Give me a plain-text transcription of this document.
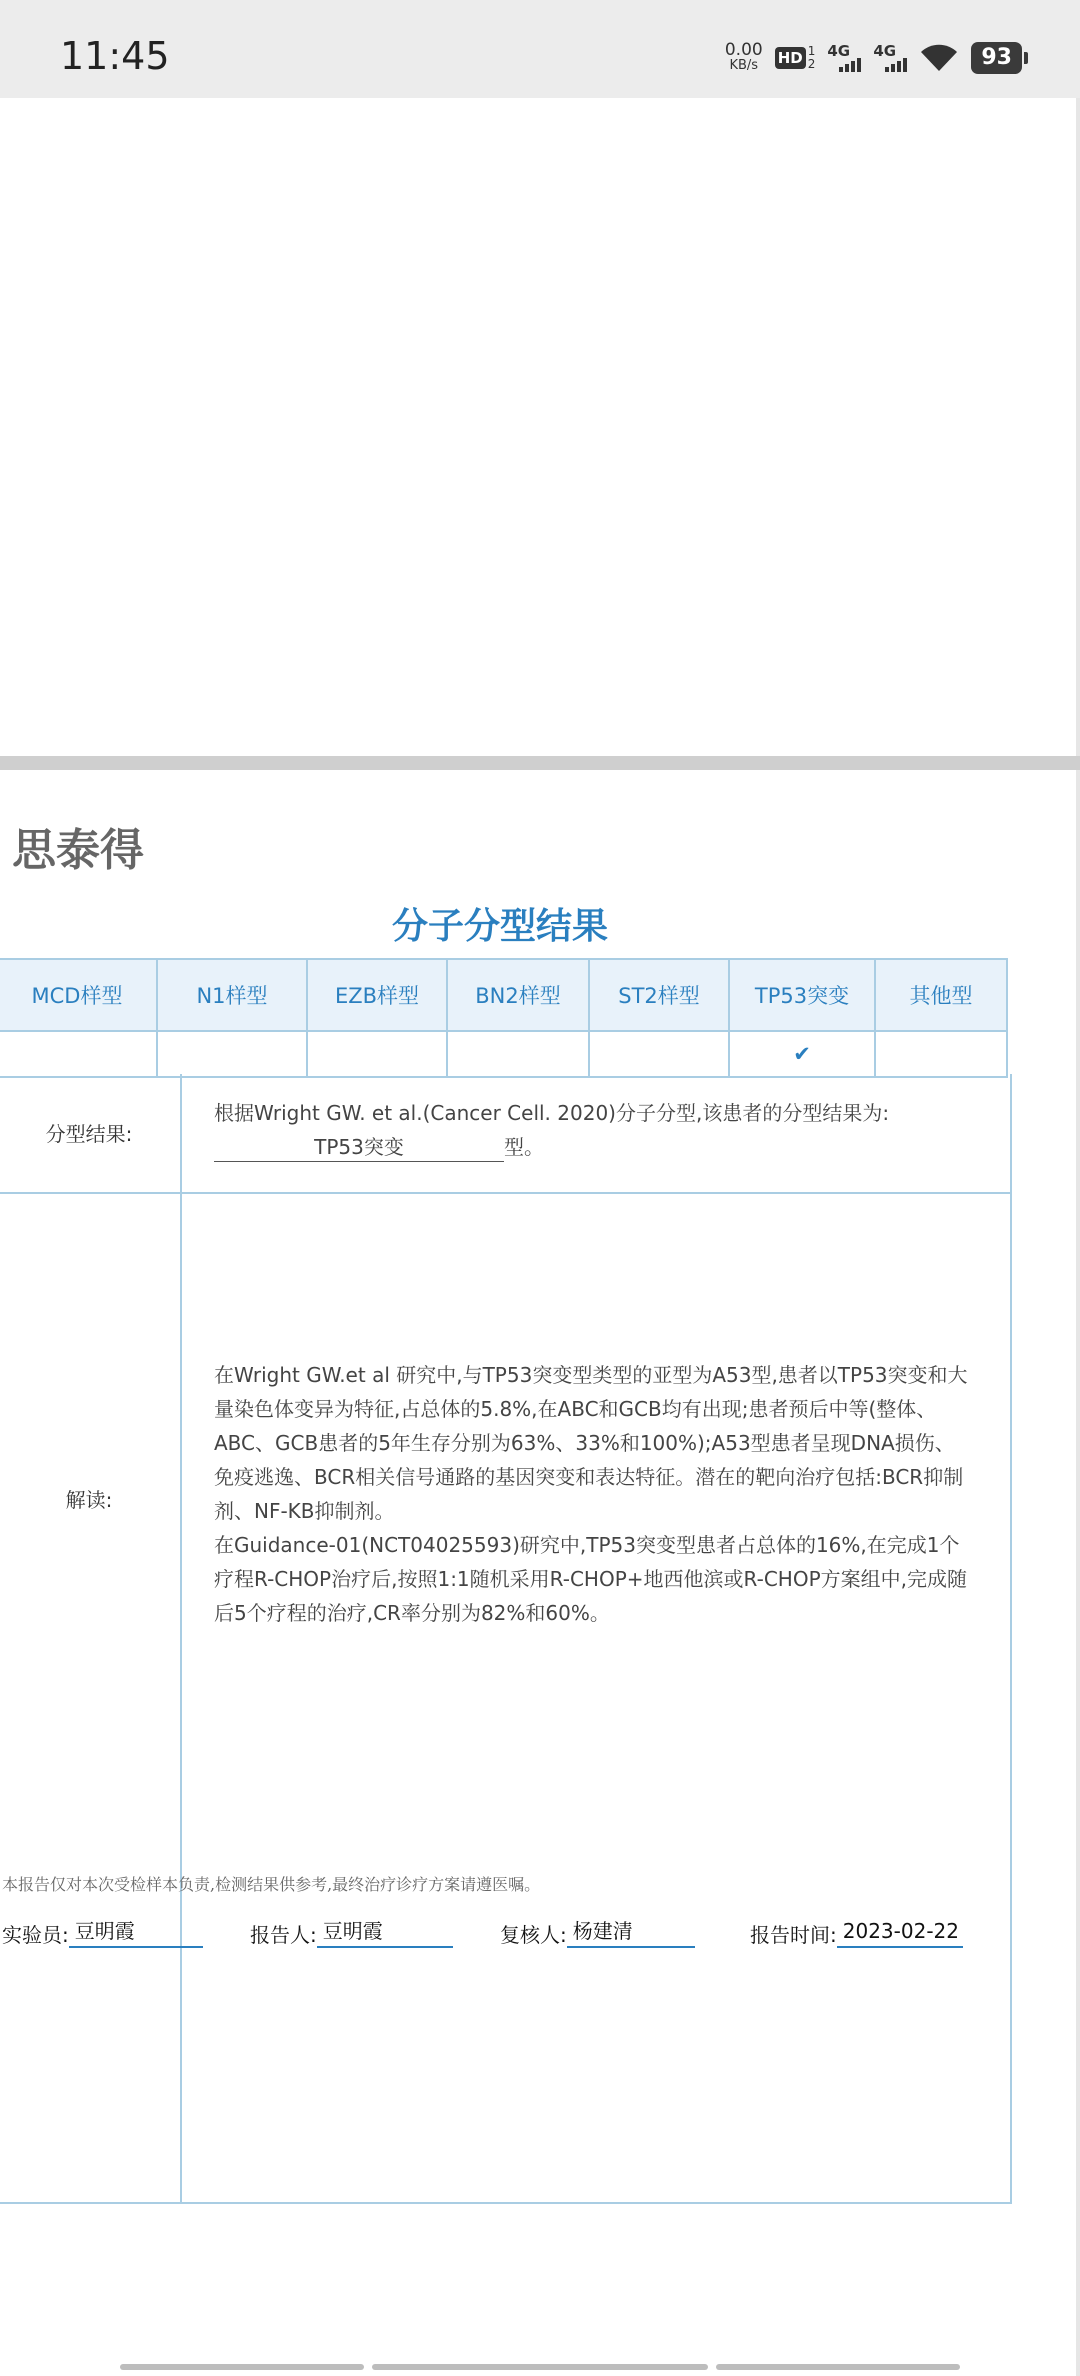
11:45	0.00
KB/s HD 1
2
4G 4G	93
思泰得
分子分型结果
MCD样型	N1样型	EZB样型	BN2样型	ST2样型	TP53突变	其他型
					✔	
分型结果:
根据Wright GW. et al.(Cancer Cell. 2020)分子分型,该患者的分型结果为:
TP53突变	型。
解读:
在Wright GW.et al 研究中,与TP53突变型类型的亚型为A53型,患者以TP53突变和大量染色体变异为特征,占总体的5.8%,在ABC和GCB均有出现;患者预后中等(整体、ABC、GCB患者的5年生存分别为63%、33%和100%);A53型患者呈现DNA损伤、免疫逃逸、BCR相关信号通路的基因突变和表达特征。潜在的靶向治疗包括:BCR抑制剂、NF-KB抑制剂。
在Guidance-01(NCT04025593)研究中,TP53突变型患者占总体的16%,在完成1个疗程R-CHOP治疗后,按照1:1随机采用R-CHOP+地西他滨或R-CHOP方案组中,完成随后5个疗程的治疗,CR率分别为82%和60%。
本报告仅对本次受检样本负责,检测结果供参考,最终治疗诊疗方案请遵医嘱。
实验员: 豆明霞	报告人: 豆明霞	复核人: 杨建清	报告时间: 2023-02-22
